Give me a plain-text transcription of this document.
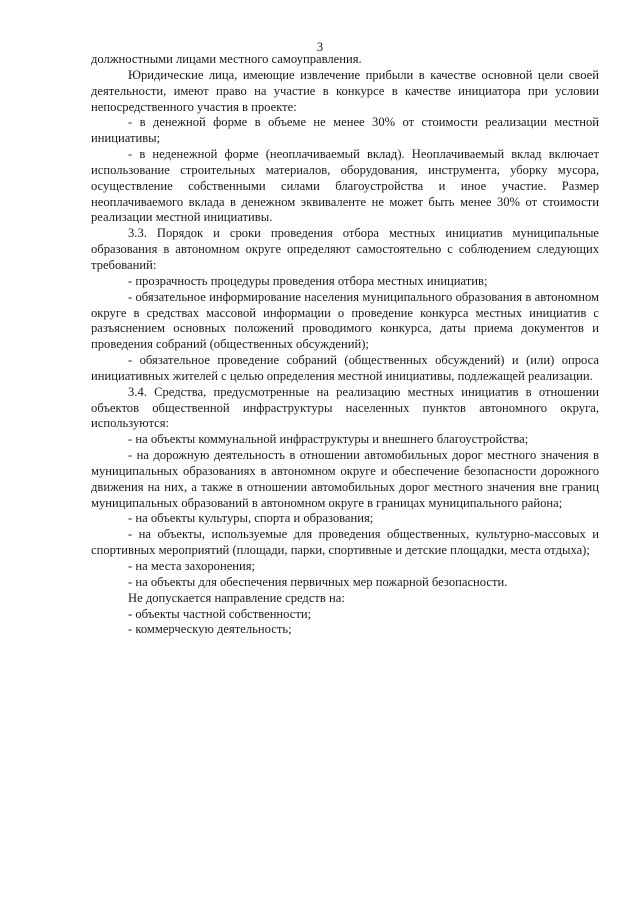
3

должностными лицами местного самоуправления.

Юридические лица, имеющие извлечение прибыли в качестве основной цели своей деятельности, имеют право на участие в конкурсе в качестве инициатора при условии непосредственного участия в проекте:

- в денежной форме в объеме не менее 30% от стоимости реализации местной инициативы;

- в неденежной форме (неоплачиваемый вклад). Неоплачиваемый вклад включает использование строительных материалов, оборудования, инструмента, уборку мусора, осуществление собственными силами благоустройства и иное участие. Размер неоплачиваемого вклада в денежном эквиваленте не может быть менее 30% от стоимости реализации местной инициативы.

3.3. Порядок и сроки проведения отбора местных инициатив муниципальные образования в автономном округе определяют самостоятельно с соблюдением следующих требований:

- прозрачность процедуры проведения отбора местных инициатив;

- обязательное информирование населения муниципального образования в автономном округе в средствах массовой информации о проведение конкурса местных инициатив с разъяснением основных положений проводимого конкурса, даты приема документов и проведения собраний (общественных обсуждений);

- обязательное проведение собраний (общественных обсуждений) и (или) опроса инициативных жителей с целью определения местной инициативы, подлежащей реализации.

3.4. Средства, предусмотренные на реализацию местных инициатив в отношении объектов общественной инфраструктуры населенных пунктов автономного округа, используются:

- на объекты коммунальной инфраструктуры и внешнего благоустройства;

- на дорожную деятельность в отношении автомобильных дорог местного значения в муниципальных образованиях в автономном округе и обеспечение безопасности дорожного движения на них, а также в отношении автомобильных дорог местного значения вне границ муниципальных образований в автономном округе в границах муниципального района;

- на объекты культуры, спорта и образования;

- на объекты, используемые для проведения общественных, культурно-массовых и спортивных мероприятий (площади, парки, спортивные и детские площадки, места отдыха);

- на места захоронения;

- на объекты для обеспечения первичных мер пожарной безопасности.

Не допускается направление средств на:

- объекты частной собственности;

- коммерческую деятельность;
